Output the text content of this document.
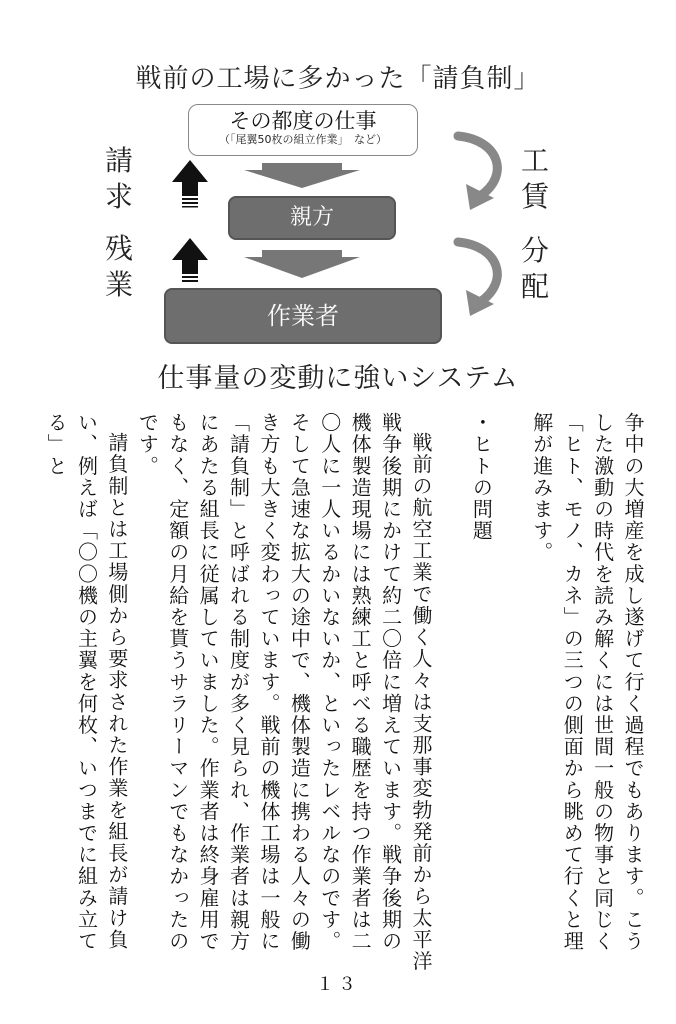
戦前の工場に多かった「請負制」
その都度の仕事
（「尾翼50枚の組立作業」　など）
親方
作業者
請
求
残
業
工
賃
分
配
仕事量の変動に強いシステム

争中の大増産を成し遂げて行く過程でもあります。こうした激動の時代を読み解くには世間一般の物事と同じく「ヒト、モノ、カネ」の三つの側面から眺めて行くと理解が進みます。

・ヒトの問題

戦前の航空工業で働く人々は支那事変勃発前から太平洋戦争後期にかけて約二〇倍に増えています。戦争後期の機体製造現場には熟練工と呼べる職歴を持つ作業者は二〇人に一人いるかいないか、といったレベルなのです。そして急速な拡大の途中で、機体製造に携わる人々の働き方も大きく変わっています。戦前の機体工場は一般に「請負制」と呼ばれる制度が多く見られ、作業者は親方にあたる組長に従属していました。作業者は終身雇用でもなく、定額の月給を貰うサラリーマンでもなかったのです。

請負制とは工場側から要求された作業を組長が請け負い、例えば「〇〇機の主翼を何枚、いつまでに組み立てる」と

１３
